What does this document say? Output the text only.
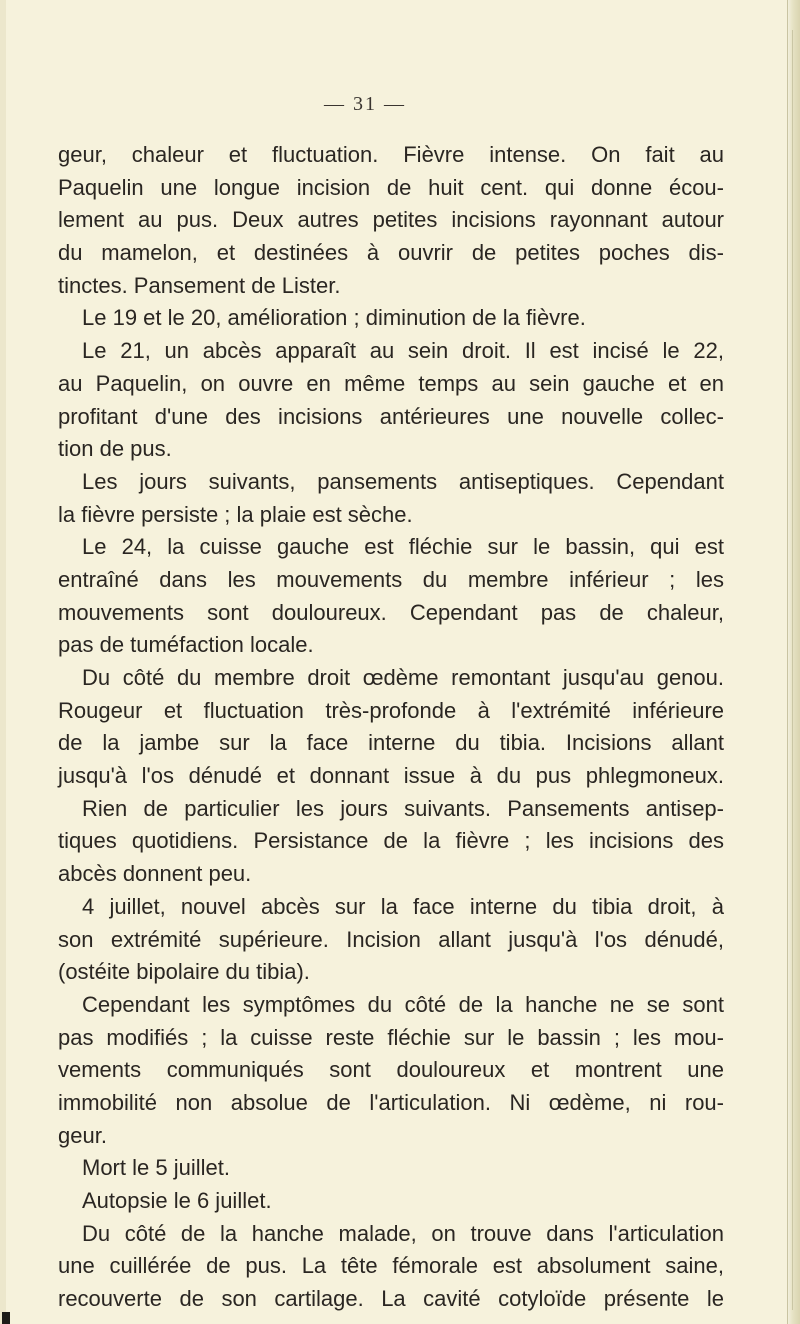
— 31 —
geur, chaleur et fluctuation. Fièvre intense. On fait au
Paquelin une longue incision de huit cent. qui donne écou-
lement au pus. Deux autres petites incisions rayonnant autour
du mamelon, et destinées à ouvrir de petites poches dis-
tinctes. Pansement de Lister.
Le 19 et le 20, amélioration ; diminution de la fièvre.
Le 21, un abcès apparaît au sein droit. Il est incisé le 22,
au Paquelin, on ouvre en même temps au sein gauche et en
profitant d'une des incisions antérieures une nouvelle collec-
tion de pus.
Les jours suivants, pansements antiseptiques. Cependant
la fièvre persiste ; la plaie est sèche.
Le 24, la cuisse gauche est fléchie sur le bassin, qui est
entraîné dans les mouvements du membre inférieur ; les
mouvements sont douloureux. Cependant pas de chaleur,
pas de tuméfaction locale.
Du côté du membre droit œdème remontant jusqu'au genou.
Rougeur et fluctuation très-profonde à l'extrémité inférieure
de la jambe sur la face interne du tibia. Incisions allant
jusqu'à l'os dénudé et donnant issue à du pus phlegmoneux.
Rien de particulier les jours suivants. Pansements antisep-
tiques quotidiens. Persistance de la fièvre ; les incisions des
abcès donnent peu.
4 juillet, nouvel abcès sur la face interne du tibia droit, à
son extrémité supérieure. Incision allant jusqu'à l'os dénudé,
(ostéite bipolaire du tibia).
Cependant les symptômes du côté de la hanche ne se sont
pas modifiés ; la cuisse reste fléchie sur le bassin ; les mou-
vements communiqués sont douloureux et montrent une
immobilité non absolue de l'articulation. Ni œdème, ni rou-
geur.
Mort le 5 juillet.
Autopsie le 6 juillet.
Du côté de la hanche malade, on trouve dans l'articulation
une cuillérée de pus. La tête fémorale est absolument saine,
recouverte de son cartilage. La cavité cotyloïde présente le
